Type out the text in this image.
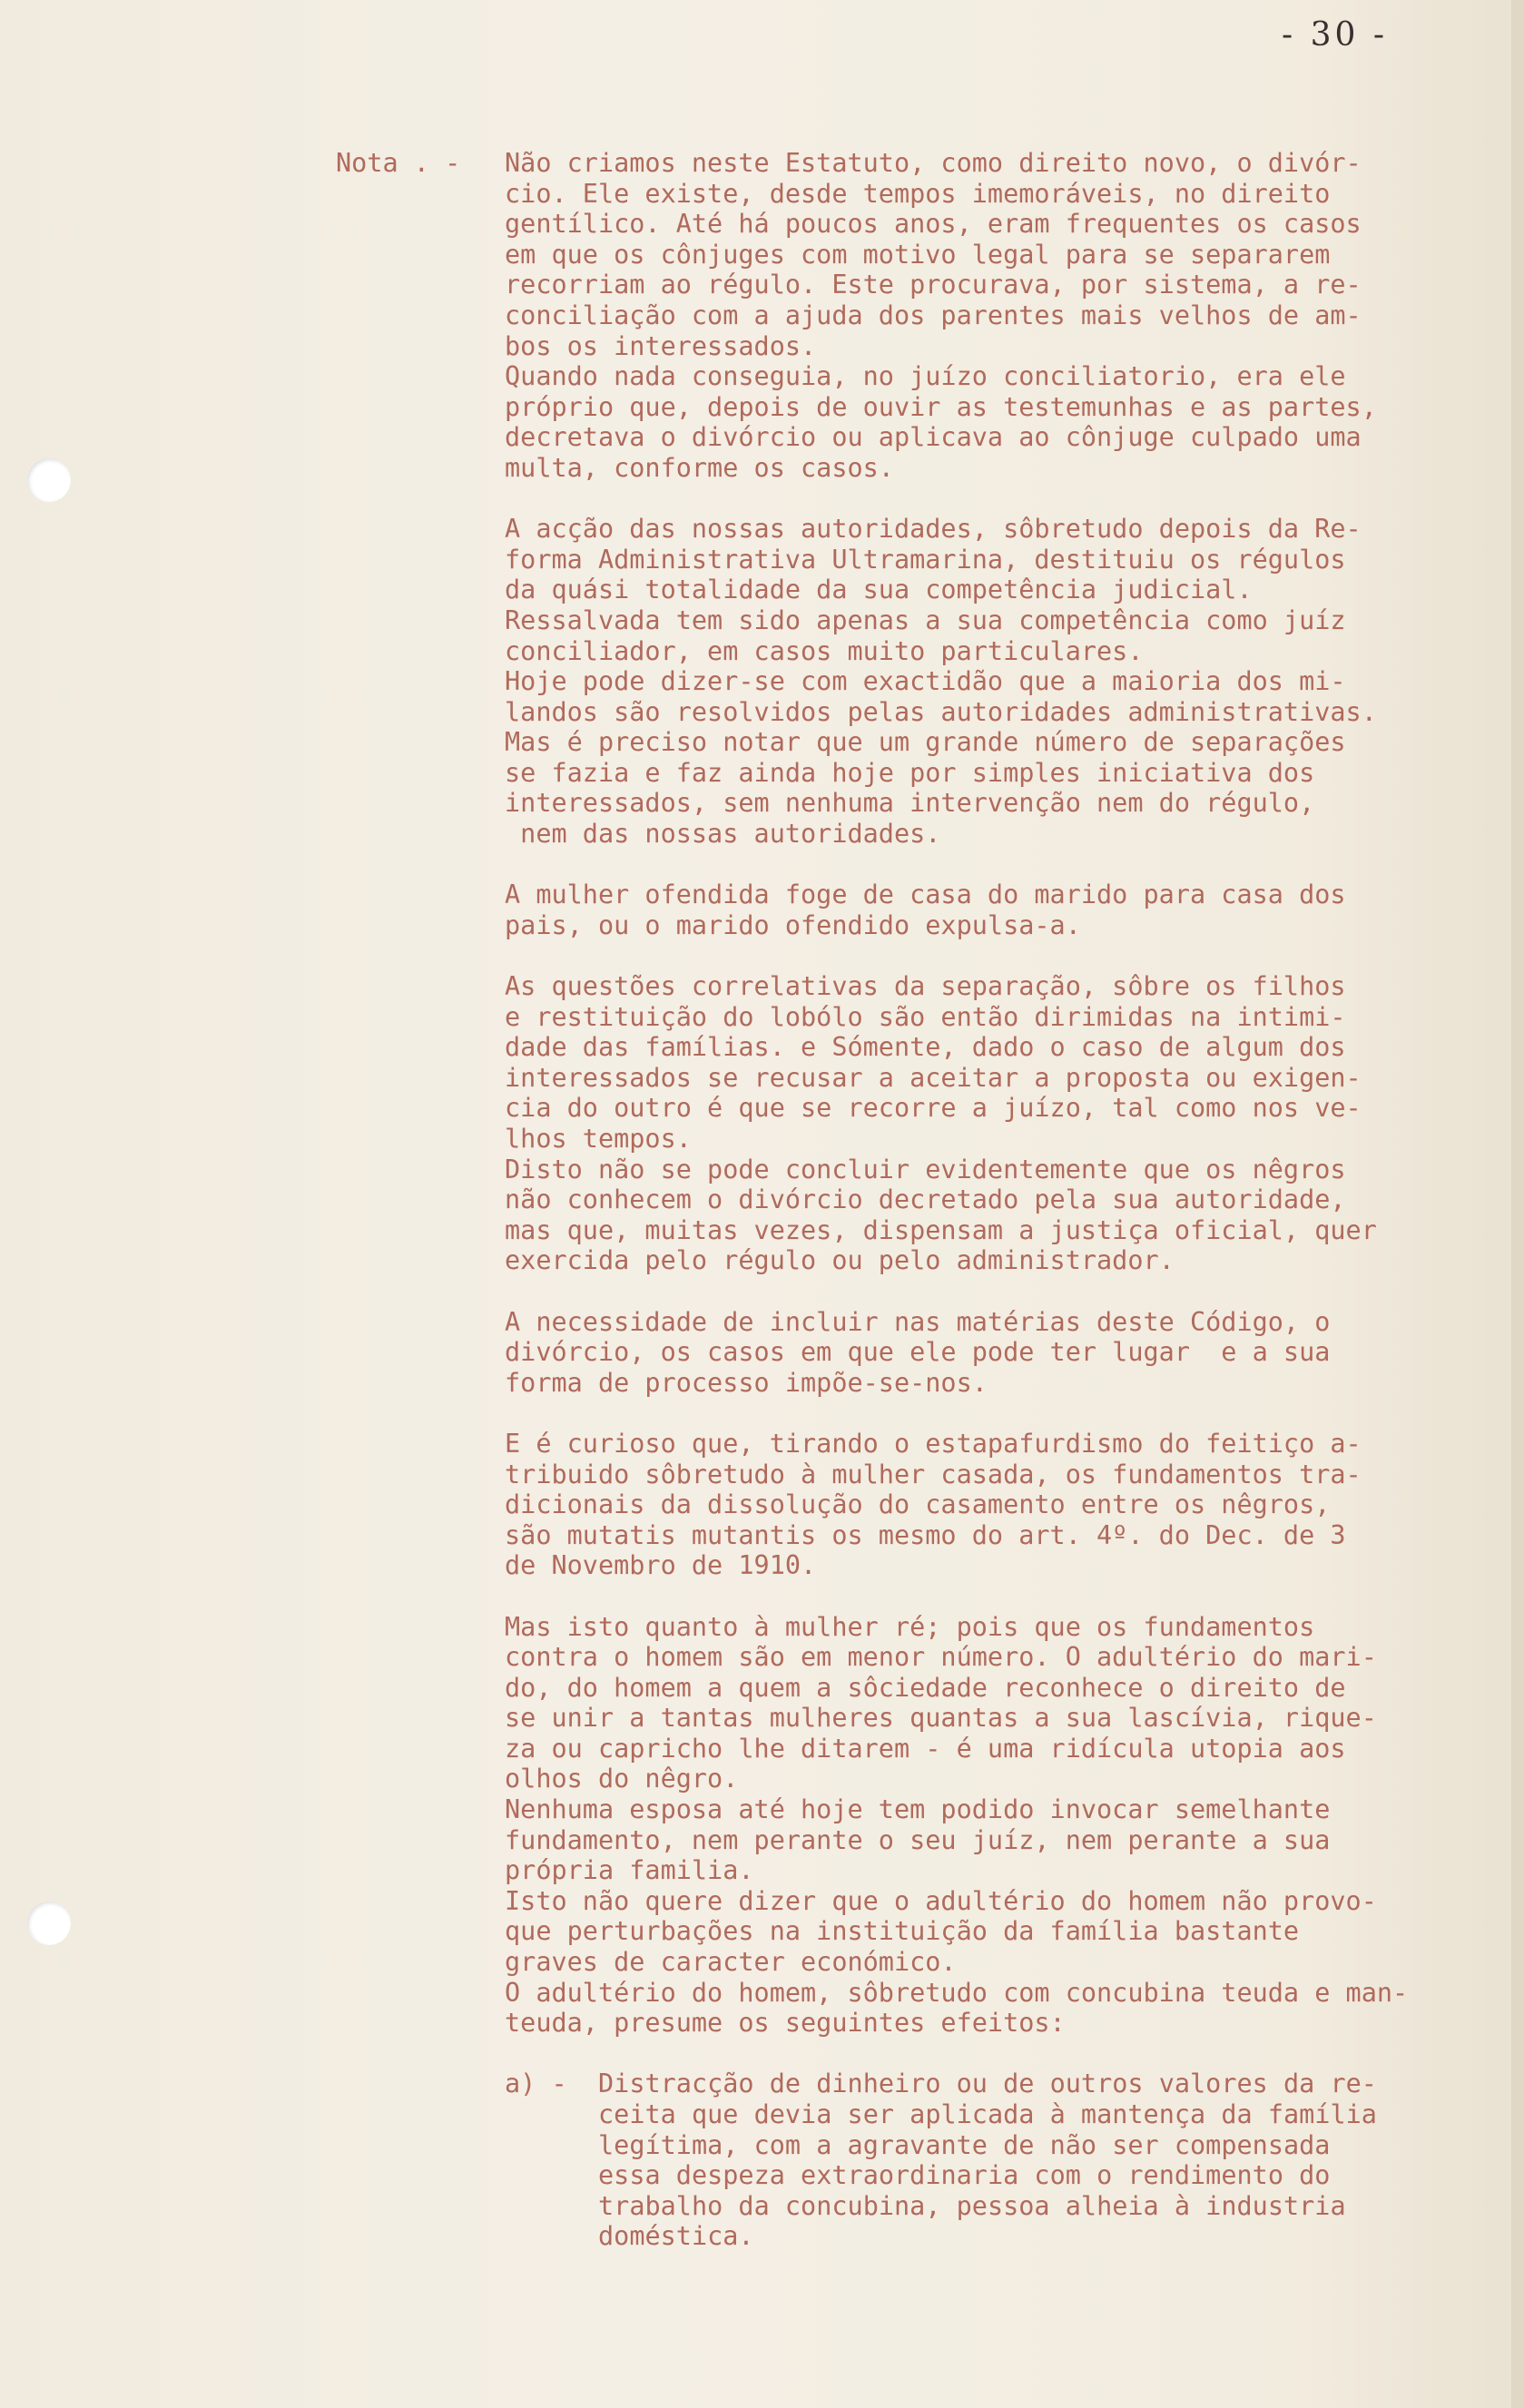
- 30 -
Nota . - Não criamos neste Estatuto, como direito novo, o divór-
cio. Ele existe, desde tempos imemoráveis, no direito
gentílico. Até há poucos anos, eram frequentes os casos
em que os cônjuges com motivo legal para se separarem
recorriam ao régulo. Este procurava, por sistema, a re-
conciliação com a ajuda dos parentes mais velhos de am-
bos os interessados.
Quando nada conseguia, no juízo conciliatorio, era ele
próprio que, depois de ouvir as testemunhas e as partes,
decretava o divórcio ou aplicava ao cônjuge culpado uma
multa, conforme os casos.
A acção das nossas autoridades, sôbretudo depois da Re-
forma Administrativa Ultramarina, destituiu os régulos
da quási totalidade da sua competência judicial.
Ressalvada tem sido apenas a sua competência como juíz
conciliador, em casos muito particulares.
Hoje pode dizer-se com exactidão que a maioria dos mi-
landos são resolvidos pelas autoridades administrativas.
Mas é preciso notar que um grande número de separações
se fazia e faz ainda hoje por simples iniciativa dos
interessados, sem nenhuma intervenção nem do régulo,
nem das nossas autoridades.
A mulher ofendida foge de casa do marido para casa dos
pais, ou o marido ofendido expulsa-a.
As questões correlativas da separação, sôbre os filhos
e restituição do lobólo são então dirimidas na intimi-
dade das famílias. e Sómente, dado o caso de algum dos
interessados se recusar a aceitar a proposta ou exigen-
cia do outro é que se recorre a juízo, tal como nos ve-
lhos tempos.
Disto não se pode concluir evidentemente que os nêgros
não conhecem o divórcio decretado pela sua autoridade,
mas que, muitas vezes, dispensam a justiça oficial, quer
exercida pelo régulo ou pelo administrador.
A necessidade de incluir nas matérias deste Código, o
divórcio, os casos em que ele pode ter lugar  e a sua
forma de processo impõe-se-nos.
E é curioso que, tirando o estapafurdismo do feitiço a-
tribuido sôbretudo à mulher casada, os fundamentos tra-
dicionais da dissolução do casamento entre os nêgros,
são mutatis mutantis os mesmo do art. 4º. do Dec. de 3
de Novembro de 1910.
Mas isto quanto à mulher ré; pois que os fundamentos
contra o homem são em menor número. O adultério do mari-
do, do homem a quem a sôciedade reconhece o direito de
se unir a tantas mulheres quantas a sua lascívia, rique-
za ou capricho lhe ditarem - é uma ridícula utopia aos
olhos do nêgro.
Nenhuma esposa até hoje tem podido invocar semelhante
fundamento, nem perante o seu juíz, nem perante a sua
própria familia.
Isto não quere dizer que o adultério do homem não provo-
que perturbações na instituição da família bastante
graves de caracter económico.
O adultério do homem, sôbretudo com concubina teuda e man-
teuda, presume os seguintes efeitos:
a) - Distracção de dinheiro ou de outros valores da re-
ceita que devia ser aplicada à mantença da família
legítima, com a agravante de não ser compensada
essa despeza extraordinaria com o rendimento do
trabalho da concubina, pessoa alheia à industria
doméstica.
